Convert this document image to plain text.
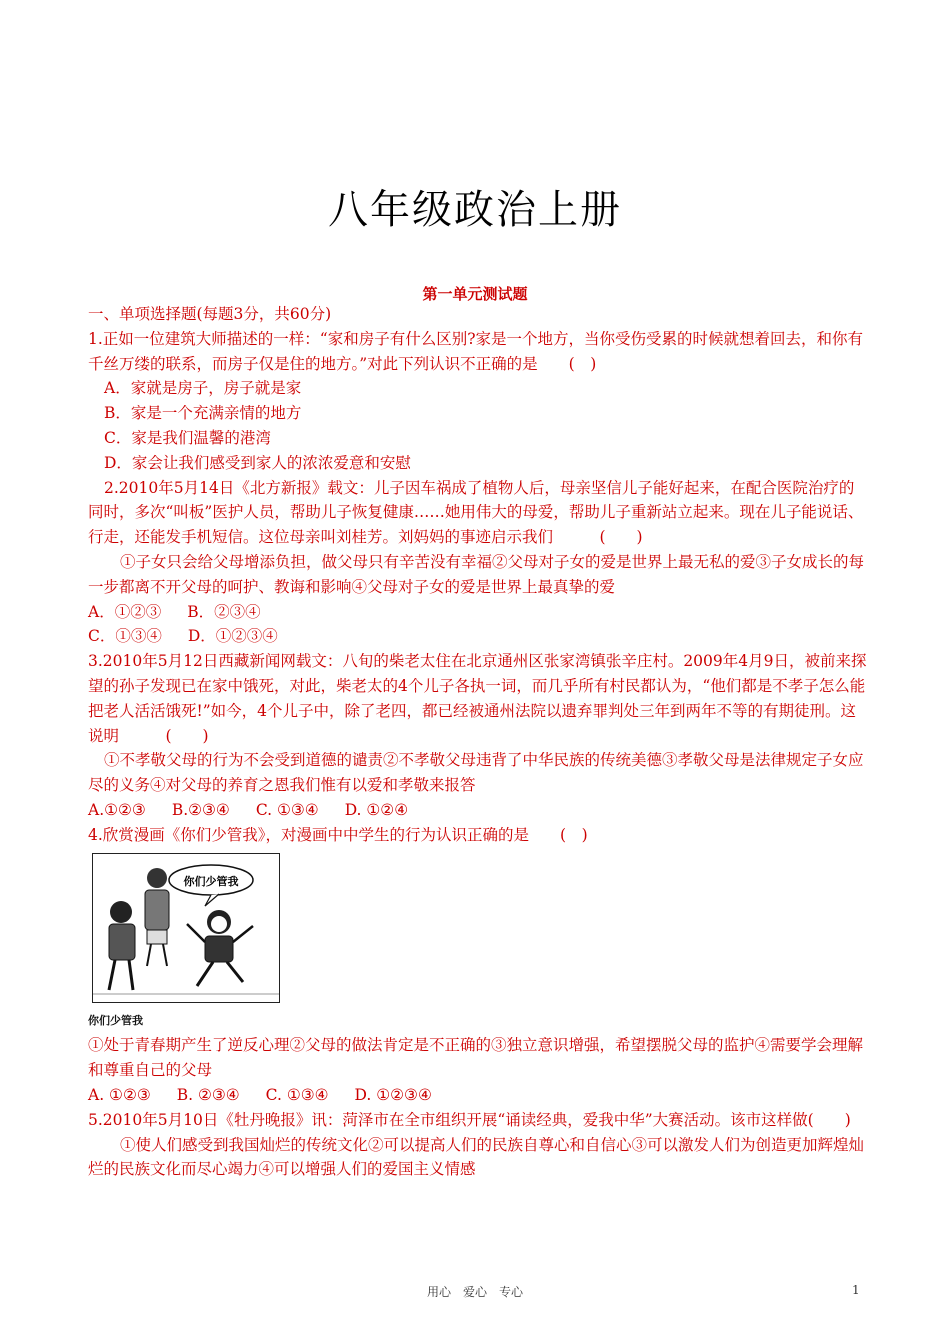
八年级政治上册
第一单元测试题

一、单项选择题(每题3分，共60分)

1.正如一位建筑大师描述的一样：“家和房子有什么区别?家是一个地方，当你受伤受累的时候就想着回去，和你有千丝万缕的联系，而房子仅是住的地方。”对此下列认识不正确的是　　(　)

A．家就是房子，房子就是家

B．家是一个充满亲情的地方

C．家是我们温馨的港湾

D．家会让我们感受到家人的浓浓爱意和安慰

2.2010年5月14日《北方新报》载文：儿子因车祸成了植物人后，母亲坚信儿子能好起来，在配合医院治疗的同时，多次“叫板”医护人员，帮助儿子恢复健康……她用伟大的母爱，帮助儿子重新站立起来。现在儿子能说话、行走，还能发手机短信。这位母亲叫刘桂芳。刘妈妈的事迹启示我们　　　(　　)

①子女只会给父母增添负担，做父母只有辛苦没有幸福②父母对子女的爱是世界上最无私的爱③子女成长的每一步都离不开父母的呵护、教诲和影响④父母对子女的爱是世界上最真挚的爱

A．①②③ B．②③④

C．①③④ D．①②③④

3.2010年5月12日西藏新闻网载文：八旬的柴老太住在北京通州区张家湾镇张辛庄村。2009年4月9日，被前来探望的孙子发现已在家中饿死，对此，柴老太的4个儿子各执一词，而几乎所有村民都认为，“他们都是不孝子怎么能把老人活活饿死!”如今，4个儿子中，除了老四，都已经被通州法院以遗弃罪判处三年到两年不等的有期徒刑。这说明　　　(　　)

①不孝敬父母的行为不会受到道德的谴责②不孝敬父母违背了中华民族的传统美德③孝敬父母是法律规定子女应尽的义务④对父母的养育之恩我们惟有以爱和孝敬来报答

A.①②③ B.②③④ C. ①③④ D. ①②④

4.欣赏漫画《你们少管我》，对漫画中中学生的行为认识正确的是　　(　)

你们少管我

你们少管我

①处于青春期产生了逆反心理②父母的做法肯定是不正确的③独立意识增强，希望摆脱父母的监护④需要学会理解和尊重自己的父母

A. ①②③ B. ②③④ C. ①③④ D. ①②③④

5.2010年5月10日《牡丹晚报》讯：菏泽市在全市组织开展“诵读经典，爱我中华”大赛活动。该市这样做(　　)

①使人们感受到我国灿烂的传统文化②可以提高人们的民族自尊心和自信心③可以激发人们为创造更加辉煌灿烂的民族文化而尽心竭力④可以增强人们的爱国主义情感

用心　爱心　专心	1
